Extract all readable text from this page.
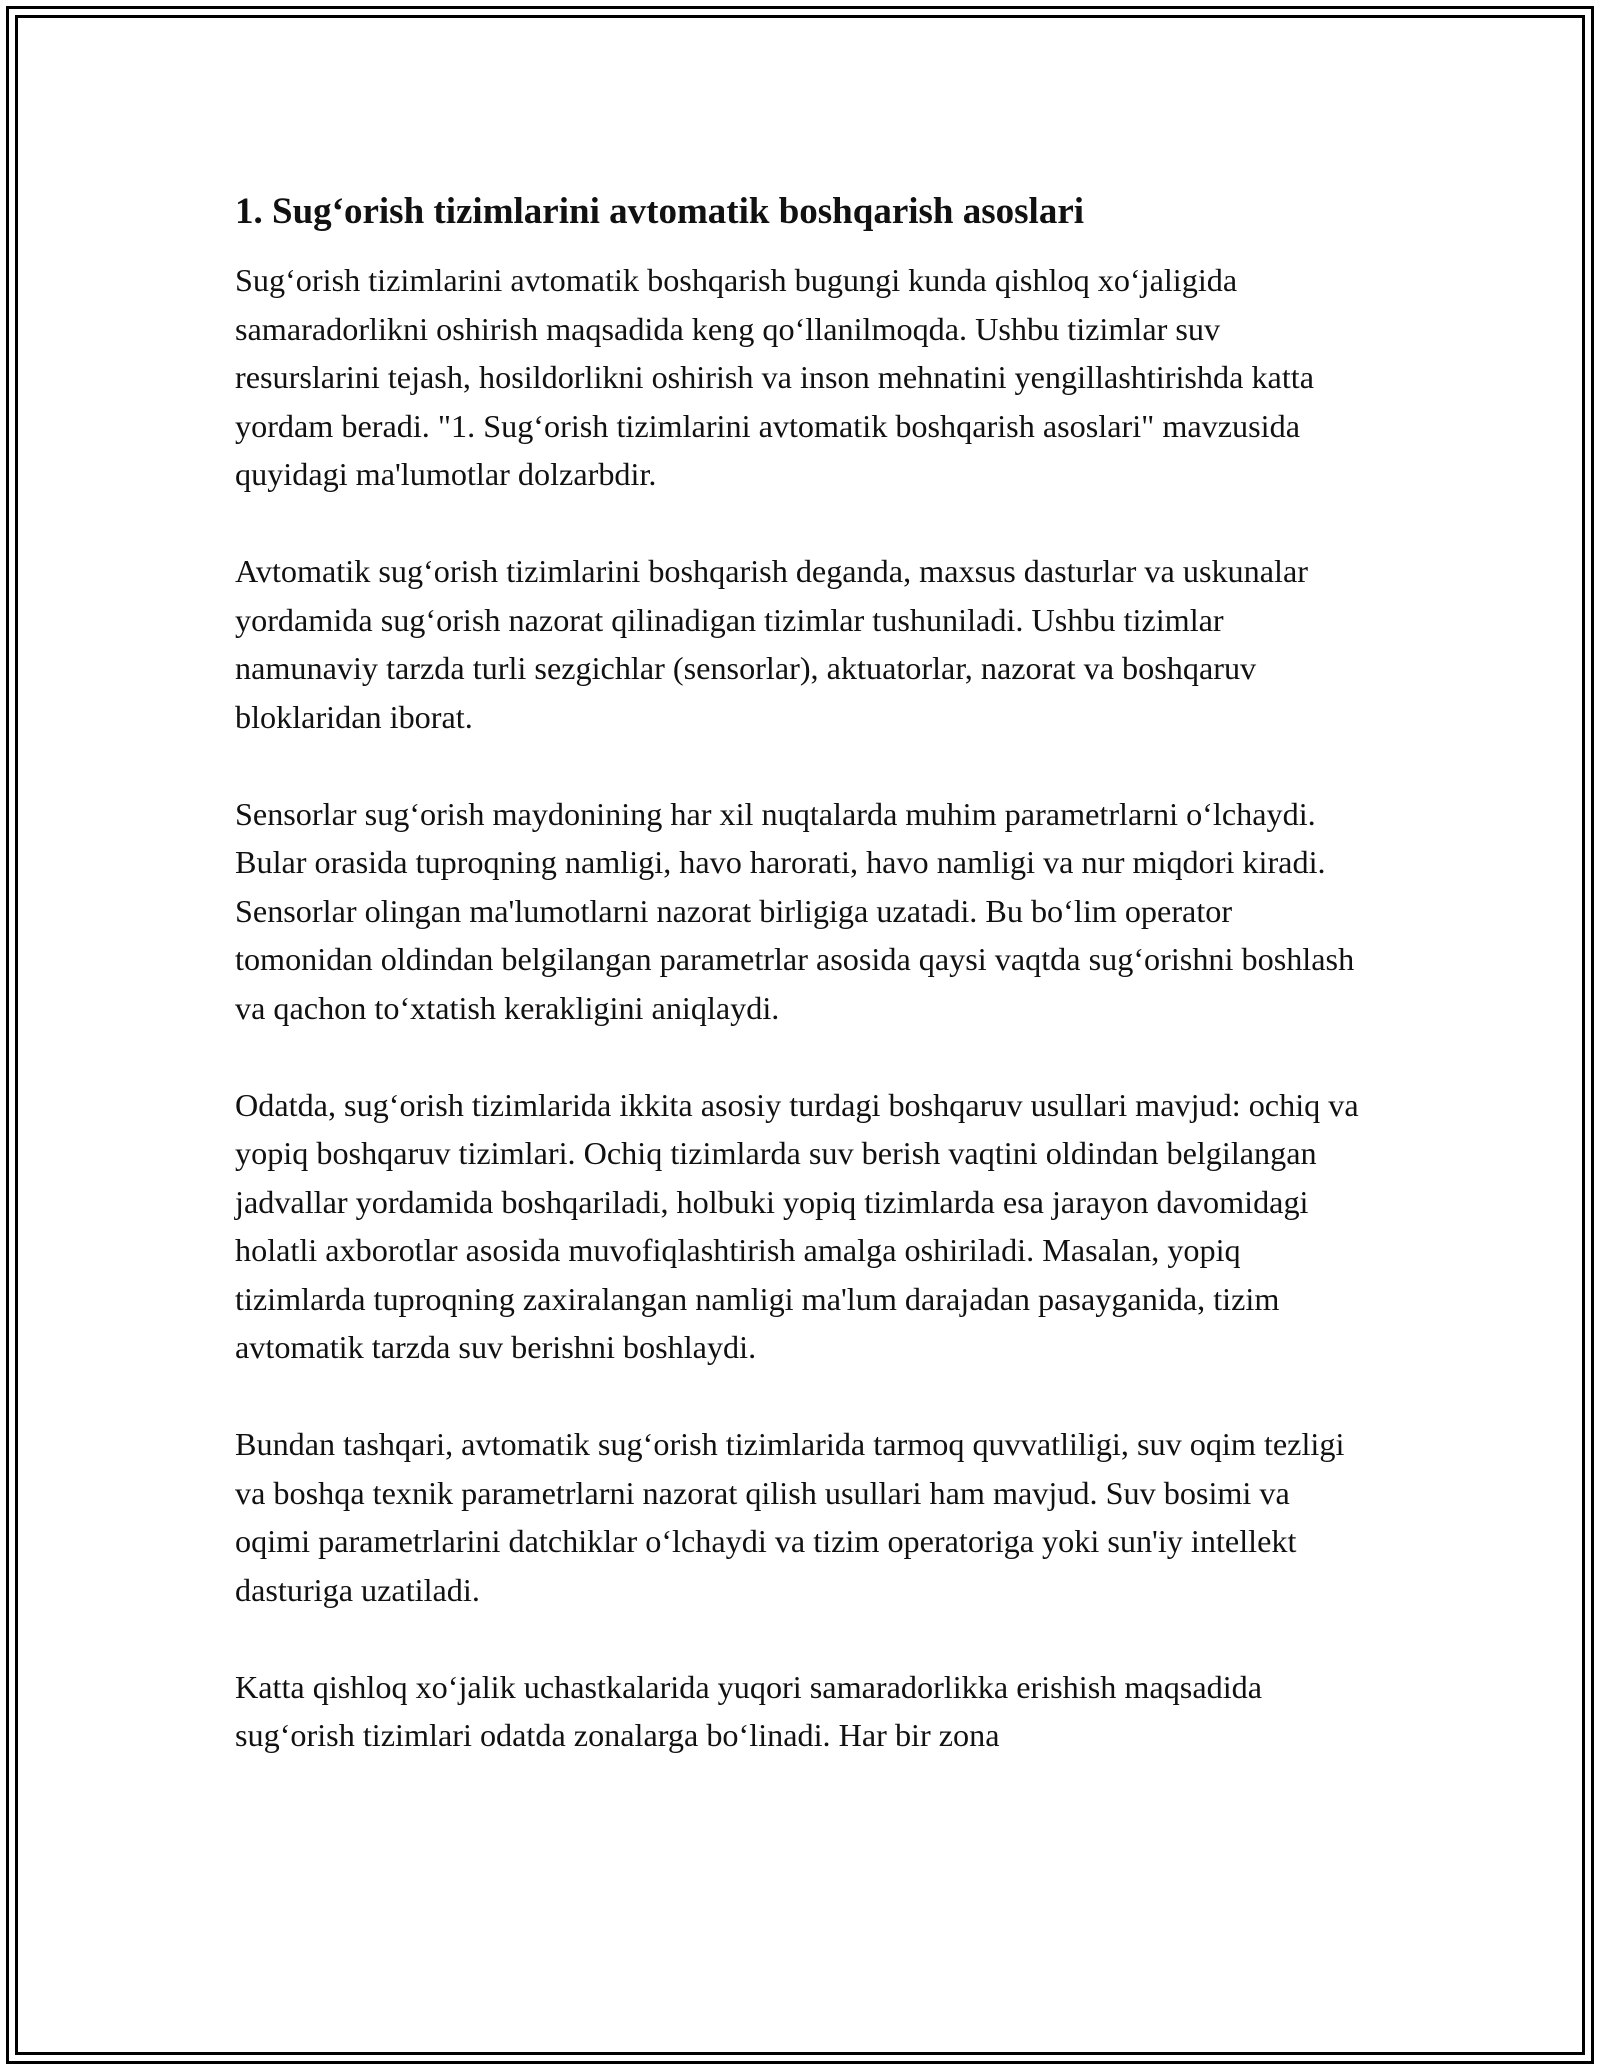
1. Sug‘orish tizimlarini avtomatik boshqarish asoslari

Sug‘orish tizimlarini avtomatik boshqarish bugungi kunda qishloq xo‘jaligida samaradorlikni oshirish maqsadida keng qo‘llanilmoqda. Ushbu tizimlar suv resurslarini tejash, hosildorlikni oshirish va inson mehnatini yengillashtirishda katta yordam beradi. "1. Sug‘orish tizimlarini avtomatik boshqarish asoslari" mavzusida quyidagi ma'lumotlar dolzarbdir.

Avtomatik sug‘orish tizimlarini boshqarish deganda, maxsus dasturlar va uskunalar yordamida sug‘orish nazorat qilinadigan tizimlar tushuniladi. Ushbu tizimlar namunaviy tarzda turli sezgichlar (sensorlar), aktuatorlar, nazorat va boshqaruv bloklaridan iborat.

Sensorlar sug‘orish maydonining har xil nuqtalarda muhim parametrlarni o‘lchaydi. Bular orasida tuproqning namligi, havo harorati, havo namligi va nur miqdori kiradi. Sensorlar olingan ma'lumotlarni nazorat birligiga uzatadi. Bu bo‘lim operator tomonidan oldindan belgilangan parametrlar asosida qaysi vaqtda sug‘orishni boshlash va qachon to‘xtatish kerakligini aniqlaydi.

Odatda, sug‘orish tizimlarida ikkita asosiy turdagi boshqaruv usullari mavjud: ochiq va yopiq boshqaruv tizimlari. Ochiq tizimlarda suv berish vaqtini oldindan belgilangan jadvallar yordamida boshqariladi, holbuki yopiq tizimlarda esa jarayon davomidagi holatli axborotlar asosida muvofiqlashtirish amalga oshiriladi. Masalan, yopiq tizimlarda tuproqning zaxiralangan namligi ma'lum darajadan pasayganida, tizim avtomatik tarzda suv berishni boshlaydi.

Bundan tashqari, avtomatik sug‘orish tizimlarida tarmoq quvvatliligi, suv oqim tezligi va boshqa texnik parametrlarni nazorat qilish usullari ham mavjud. Suv bosimi va oqimi parametrlarini datchiklar o‘lchaydi va tizim operatoriga yoki sun'iy intellekt dasturiga uzatiladi.

Katta qishloq xo‘jalik uchastkalarida yuqori samaradorlikka erishish maqsadida sug‘orish tizimlari odatda zonalarga bo‘linadi. Har bir zona
